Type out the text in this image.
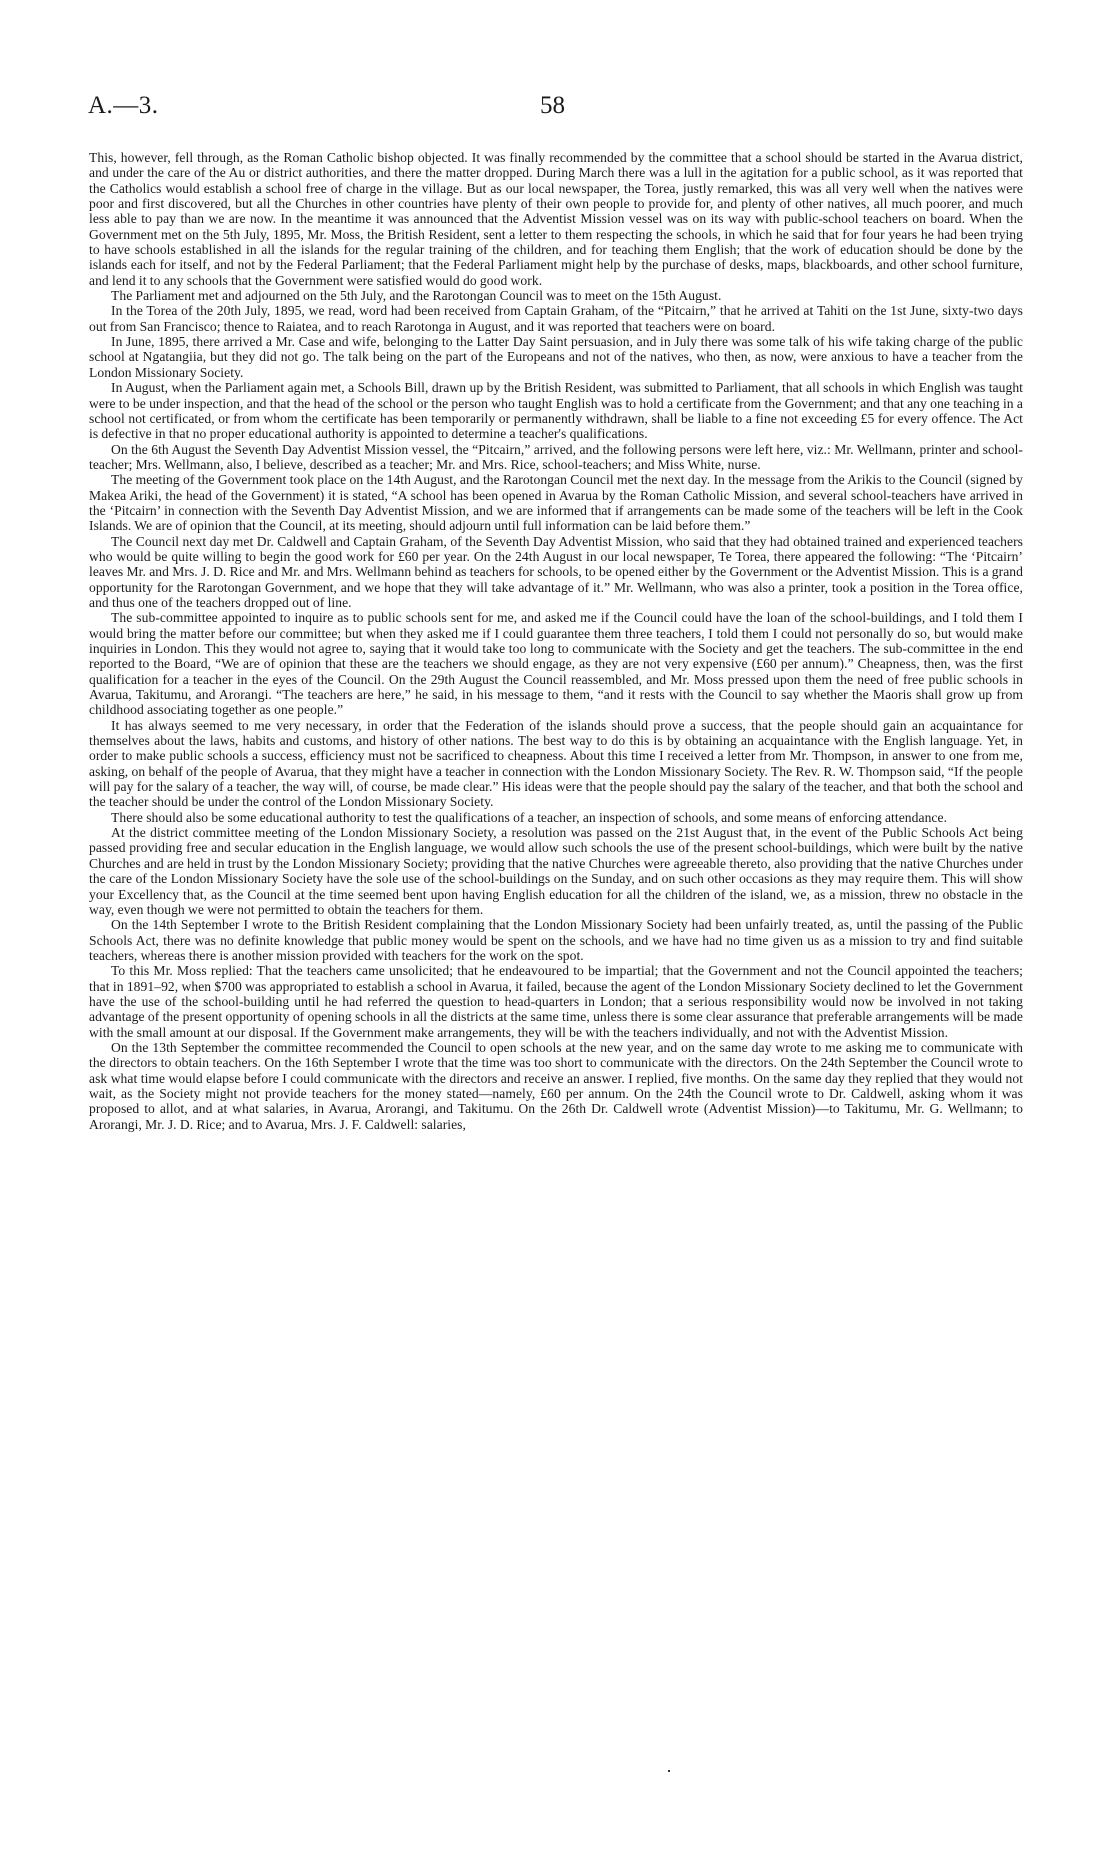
A.—3.	58

This, however, fell through, as the Roman Catholic bishop objected. It was finally recommended by the committee that a school should be started in the Avarua district, and under the care of the Au or district authorities, and there the matter dropped. During March there was a lull in the agitation for a public school, as it was reported that the Catholics would establish a school free of charge in the village. But as our local newspaper, the Torea, justly remarked, this was all very well when the natives were poor and first discovered, but all the Churches in other countries have plenty of their own people to provide for, and plenty of other natives, all much poorer, and much less able to pay than we are now. In the meantime it was announced that the Adventist Mission vessel was on its way with public-school teachers on board. When the Government met on the 5th July, 1895, Mr. Moss, the British Resident, sent a letter to them respecting the schools, in which he said that for four years he had been trying to have schools established in all the islands for the regular training of the children, and for teaching them English; that the work of education should be done by the islands each for itself, and not by the Federal Parliament; that the Federal Parliament might help by the purchase of desks, maps, blackboards, and other school furniture, and lend it to any schools that the Government were satisfied would do good work.

The Parliament met and adjourned on the 5th July, and the Rarotongan Council was to meet on the 15th August.

In the Torea of the 20th July, 1895, we read, word had been received from Captain Graham, of the “Pitcairn,” that he arrived at Tahiti on the 1st June, sixty-two days out from San Francisco; thence to Raiatea, and to reach Rarotonga in August, and it was reported that teachers were on board.

In June, 1895, there arrived a Mr. Case and wife, belonging to the Latter Day Saint persuasion, and in July there was some talk of his wife taking charge of the public school at Ngatangiia, but they did not go. The talk being on the part of the Europeans and not of the natives, who then, as now, were anxious to have a teacher from the London Missionary Society.

In August, when the Parliament again met, a Schools Bill, drawn up by the British Resident, was submitted to Parliament, that all schools in which English was taught were to be under inspection, and that the head of the school or the person who taught English was to hold a certificate from the Government; and that any one teaching in a school not certificated, or from whom the certificate has been temporarily or permanently withdrawn, shall be liable to a fine not exceeding £5 for every offence. The Act is defective in that no proper educational authority is appointed to determine a teacher's qualifications.

On the 6th August the Seventh Day Adventist Mission vessel, the “Pitcairn,” arrived, and the following persons were left here, viz.: Mr. Wellmann, printer and school-teacher; Mrs. Wellmann, also, I believe, described as a teacher; Mr. and Mrs. Rice, school-teachers; and Miss White, nurse.

The meeting of the Government took place on the 14th August, and the Rarotongan Council met the next day. In the message from the Arikis to the Council (signed by Makea Ariki, the head of the Government) it is stated, “A school has been opened in Avarua by the Roman Catholic Mission, and several school-teachers have arrived in the ‘Pitcairn’ in connection with the Seventh Day Adventist Mission, and we are informed that if arrangements can be made some of the teachers will be left in the Cook Islands. We are of opinion that the Council, at its meeting, should adjourn until full information can be laid before them.”

The Council next day met Dr. Caldwell and Captain Graham, of the Seventh Day Adventist Mission, who said that they had obtained trained and experienced teachers who would be quite willing to begin the good work for £60 per year. On the 24th August in our local newspaper, Te Torea, there appeared the following: “The ‘Pitcairn’ leaves Mr. and Mrs. J. D. Rice and Mr. and Mrs. Wellmann behind as teachers for schools, to be opened either by the Government or the Adventist Mission. This is a grand opportunity for the Rarotongan Government, and we hope that they will take advantage of it.” Mr. Wellmann, who was also a printer, took a position in the Torea office, and thus one of the teachers dropped out of line.

The sub-committee appointed to inquire as to public schools sent for me, and asked me if the Council could have the loan of the school-buildings, and I told them I would bring the matter before our committee; but when they asked me if I could guarantee them three teachers, I told them I could not personally do so, but would make inquiries in London. This they would not agree to, saying that it would take too long to communicate with the Society and get the teachers. The sub-committee in the end reported to the Board, “We are of opinion that these are the teachers we should engage, as they are not very expensive (£60 per annum).” Cheapness, then, was the first qualification for a teacher in the eyes of the Council. On the 29th August the Council reassembled, and Mr. Moss pressed upon them the need of free public schools in Avarua, Takitumu, and Arorangi. “The teachers are here,” he said, in his message to them, “and it rests with the Council to say whether the Maoris shall grow up from childhood associating together as one people.”

It has always seemed to me very necessary, in order that the Federation of the islands should prove a success, that the people should gain an acquaintance for themselves about the laws, habits and customs, and history of other nations. The best way to do this is by obtaining an acquaintance with the English language. Yet, in order to make public schools a success, efficiency must not be sacrificed to cheapness. About this time I received a letter from Mr. Thompson, in answer to one from me, asking, on behalf of the people of Avarua, that they might have a teacher in connection with the London Missionary Society. The Rev. R. W. Thompson said, “If the people will pay for the salary of a teacher, the way will, of course, be made clear.” His ideas were that the people should pay the salary of the teacher, and that both the school and the teacher should be under the control of the London Missionary Society.

There should also be some educational authority to test the qualifications of a teacher, an inspection of schools, and some means of enforcing attendance.

At the district committee meeting of the London Missionary Society, a resolution was passed on the 21st August that, in the event of the Public Schools Act being passed providing free and secular education in the English language, we would allow such schools the use of the present school-buildings, which were built by the native Churches and are held in trust by the London Missionary Society; providing that the native Churches were agreeable thereto, also providing that the native Churches under the care of the London Missionary Society have the sole use of the school-buildings on the Sunday, and on such other occasions as they may require them. This will show your Excellency that, as the Council at the time seemed bent upon having English education for all the children of the island, we, as a mission, threw no obstacle in the way, even though we were not permitted to obtain the teachers for them.

On the 14th September I wrote to the British Resident complaining that the London Missionary Society had been unfairly treated, as, until the passing of the Public Schools Act, there was no definite knowledge that public money would be spent on the schools, and we have had no time given us as a mission to try and find suitable teachers, whereas there is another mission provided with teachers for the work on the spot.

To this Mr. Moss replied: That the teachers came unsolicited; that he endeavoured to be impartial; that the Government and not the Council appointed the teachers; that in 1891–92, when $700 was appropriated to establish a school in Avarua, it failed, because the agent of the London Missionary Society declined to let the Government have the use of the school-building until he had referred the question to head-quarters in London; that a serious responsibility would now be involved in not taking advantage of the present opportunity of opening schools in all the districts at the same time, unless there is some clear assurance that preferable arrangements will be made with the small amount at our disposal. If the Government make arrangements, they will be with the teachers individually, and not with the Adventist Mission.

On the 13th September the committee recommended the Council to open schools at the new year, and on the same day wrote to me asking me to communicate with the directors to obtain teachers. On the 16th September I wrote that the time was too short to communicate with the directors. On the 24th September the Council wrote to ask what time would elapse before I could communicate with the directors and receive an answer. I replied, five months. On the same day they replied that they would not wait, as the Society might not provide teachers for the money stated—namely, £60 per annum. On the 24th the Council wrote to Dr. Caldwell, asking whom it was proposed to allot, and at what salaries, in Avarua, Arorangi, and Takitumu. On the 26th Dr. Caldwell wrote (Adventist Mission)—to Takitumu, Mr. G. Wellmann; to Arorangi, Mr. J. D. Rice; and to Avarua, Mrs. J. F. Caldwell: salaries,
